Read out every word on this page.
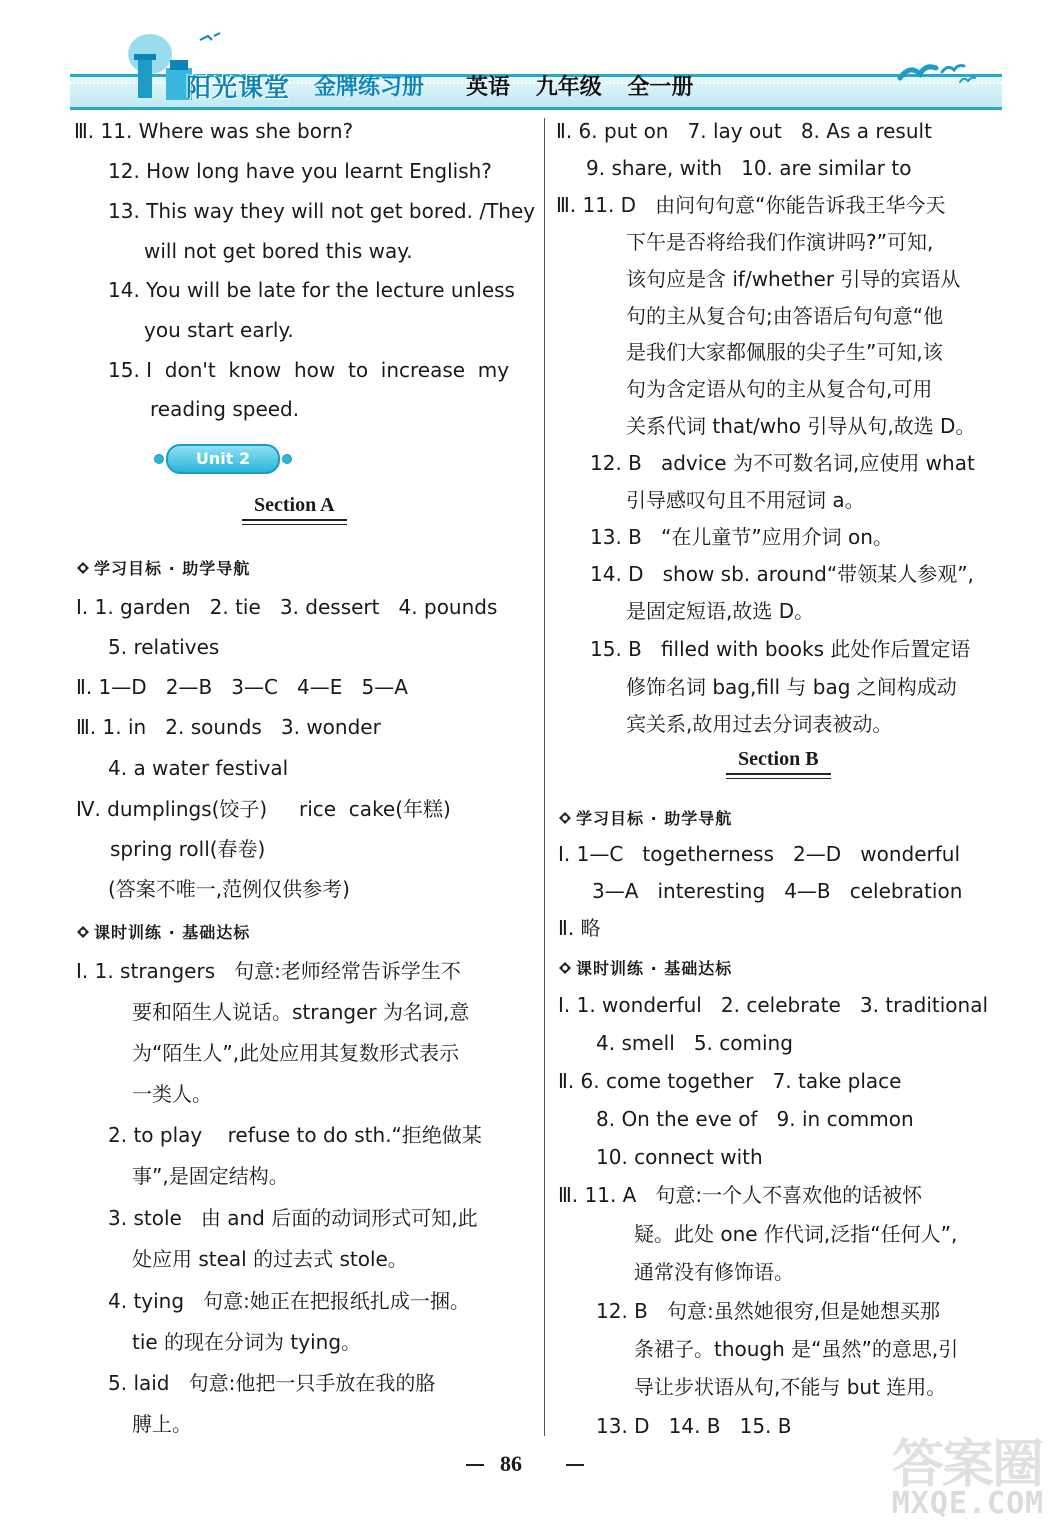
阳光课堂 金牌练习册 英语 九年级 全一册
Ⅲ. 11. Where was she born?
12. How long have you learnt English?
13. This way they will not get bored. /They
will not get bored this way.
14. You will be late for the lecture unless
you start early.
15. I  don't  know  how  to  increase  my
reading speed.
Unit 2
Section A
学习目标 · 助学导航
Ⅰ. 1. garden   2. tie   3. dessert   4. pounds
5. relatives
Ⅱ. 1—D   2—B   3—C   4—E   5—A
Ⅲ. 1. in   2. sounds   3. wonder
4. a water festival
Ⅳ. dumplings(饺子)     rice  cake(年糕)
spring roll(春卷)
(答案不唯一,范例仅供参考)
课时训练 · 基础达标
Ⅰ. 1. strangers   句意:老师经常告诉学生不
要和陌生人说话。stranger 为名词,意
为“陌生人”,此处应用其复数形式表示
一类人。
2. to play    refuse to do sth.“拒绝做某
事”,是固定结构。
3. stole   由 and 后面的动词形式可知,此
处应用 steal 的过去式 stole。
4. tying   句意:她正在把报纸扎成一捆。
tie 的现在分词为 tying。
5. laid   句意:他把一只手放在我的胳
膊上。
Ⅱ. 6. put on   7. lay out   8. As a result
9. share, with   10. are similar to
Ⅲ. 11. D   由问句句意“你能告诉我王华今天
下午是否将给我们作演讲吗?”可知,
该句应是含 if/whether 引导的宾语从
句的主从复合句;由答语后句句意“他
是我们大家都佩服的尖子生”可知,该
句为含定语从句的主从复合句,可用
关系代词 that/who 引导从句,故选 D。
12. B   advice 为不可数名词,应使用 what
引导感叹句且不用冠词 a。
13. B   “在儿童节”应用介词 on。
14. D   show sb. around“带领某人参观”,
是固定短语,故选 D。
15. B   filled with books 此处作后置定语
修饰名词 bag,fill 与 bag 之间构成动
宾关系,故用过去分词表被动。
Section B
学习目标 · 助学导航
Ⅰ. 1—C   togetherness   2—D   wonderful
3—A   interesting   4—B   celebration
Ⅱ. 略
课时训练 · 基础达标
Ⅰ. 1. wonderful   2. celebrate   3. traditional
4. smell   5. coming
Ⅱ. 6. come together   7. take place
8. On the eve of   9. in common
10. connect with
Ⅲ. 11. A   句意:一个人不喜欢他的话被怀
疑。此处 one 作代词,泛指“任何人”,
通常没有修饰语。
12. B   句意:虽然她很穷,但是她想买那
条裙子。though 是“虽然”的意思,引
导让步状语从句,不能与 but 连用。
13. D   14. B   15. B
86	答案圈
MXQE.COM
